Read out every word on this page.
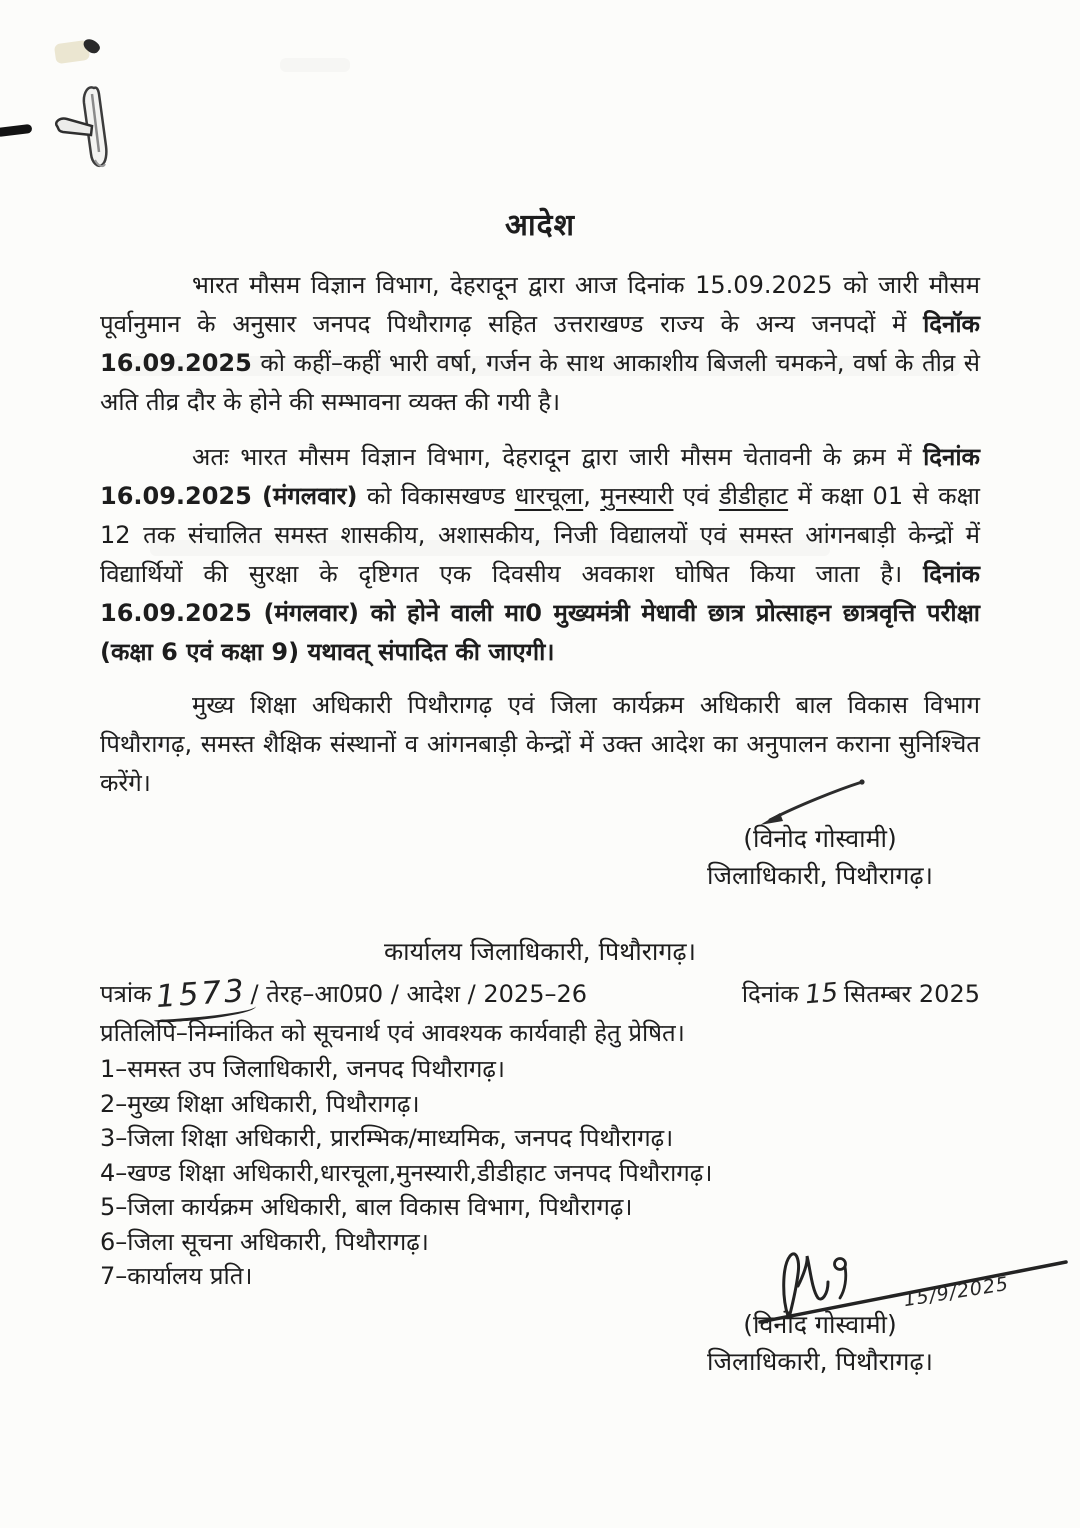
आदेश

भारत मौसम विज्ञान विभाग, देहरादून द्वारा आज दिनांक 15.09.2025 को जारी मौसम पूर्वानुमान के अनुसार जनपद पिथौरागढ़ सहित उत्तराखण्ड राज्य के अन्य जनपदों में दिनॉक 16.09.2025 को कहीं–कहीं भारी वर्षा, गर्जन के साथ आकाशीय बिजली चमकने, वर्षा के तीव्र से अति तीव्र दौर के होने की सम्भावना व्यक्त की गयी है।

अतः भारत मौसम विज्ञान विभाग, देहरादून द्वारा जारी मौसम चेतावनी के क्रम में दिनांक 16.09.2025 (मंगलवार) को विकासखण्ड धारचूला, मुनस्यारी एवं डीडीहाट में कक्षा 01 से कक्षा 12 तक संचालित समस्त शासकीय, अशासकीय, निजी विद्यालयों एवं समस्त आंगनबाड़ी केन्द्रों में विद्यार्थियों की सुरक्षा के दृष्टिगत एक दिवसीय अवकाश घोषित किया जाता है। दिनांक 16.09.2025 (मंगलवार) को होने वाली मा0 मुख्यमंत्री मेधावी छात्र प्रोत्साहन छात्रवृत्ति परीक्षा (कक्षा 6 एवं कक्षा 9) यथावत् संपादित की जाएगी।

मुख्य शिक्षा अधिकारी पिथौरागढ़ एवं जिला कार्यक्रम अधिकारी बाल विकास विभाग पिथौरागढ़, समस्त शैक्षिक संस्थानों व आंगनबाड़ी केन्द्रों में उक्त आदेश का अनुपालन कराना सुनिश्चित करेंगे।

(विनोद गोस्वामी)
जिलाधिकारी, पिथौरागढ़।
कार्यालय जिलाधिकारी, पिथौरागढ़।
पत्रांक1573 / तेरह–आ0प्र0 / आदेश / 2025–26	दिनांक 15 सितम्बर 2025
प्रतिलिपि–निम्नांकित को सूचनार्थ एवं आवश्यक कार्यवाही हेतु प्रेषित।
1–समस्त उप जिलाधिकारी, जनपद पिथौरागढ़।
2–मुख्य शिक्षा अधिकारी, पिथौरागढ़।
3–जिला शिक्षा अधिकारी, प्रारम्भिक/माध्यमिक, जनपद पिथौरागढ़।
4–खण्ड शिक्षा अधिकारी,धारचूला,मुनस्यारी,डीडीहाट जनपद पिथौरागढ़।
5–जिला कार्यक्रम अधिकारी, बाल विकास विभाग, पिथौरागढ़।
6–जिला सूचना अधिकारी, पिथौरागढ़।
7–कार्यालय प्रति।
(विनोद गोस्वामी)
जिलाधिकारी, पिथौरागढ़।
15/9/2025
